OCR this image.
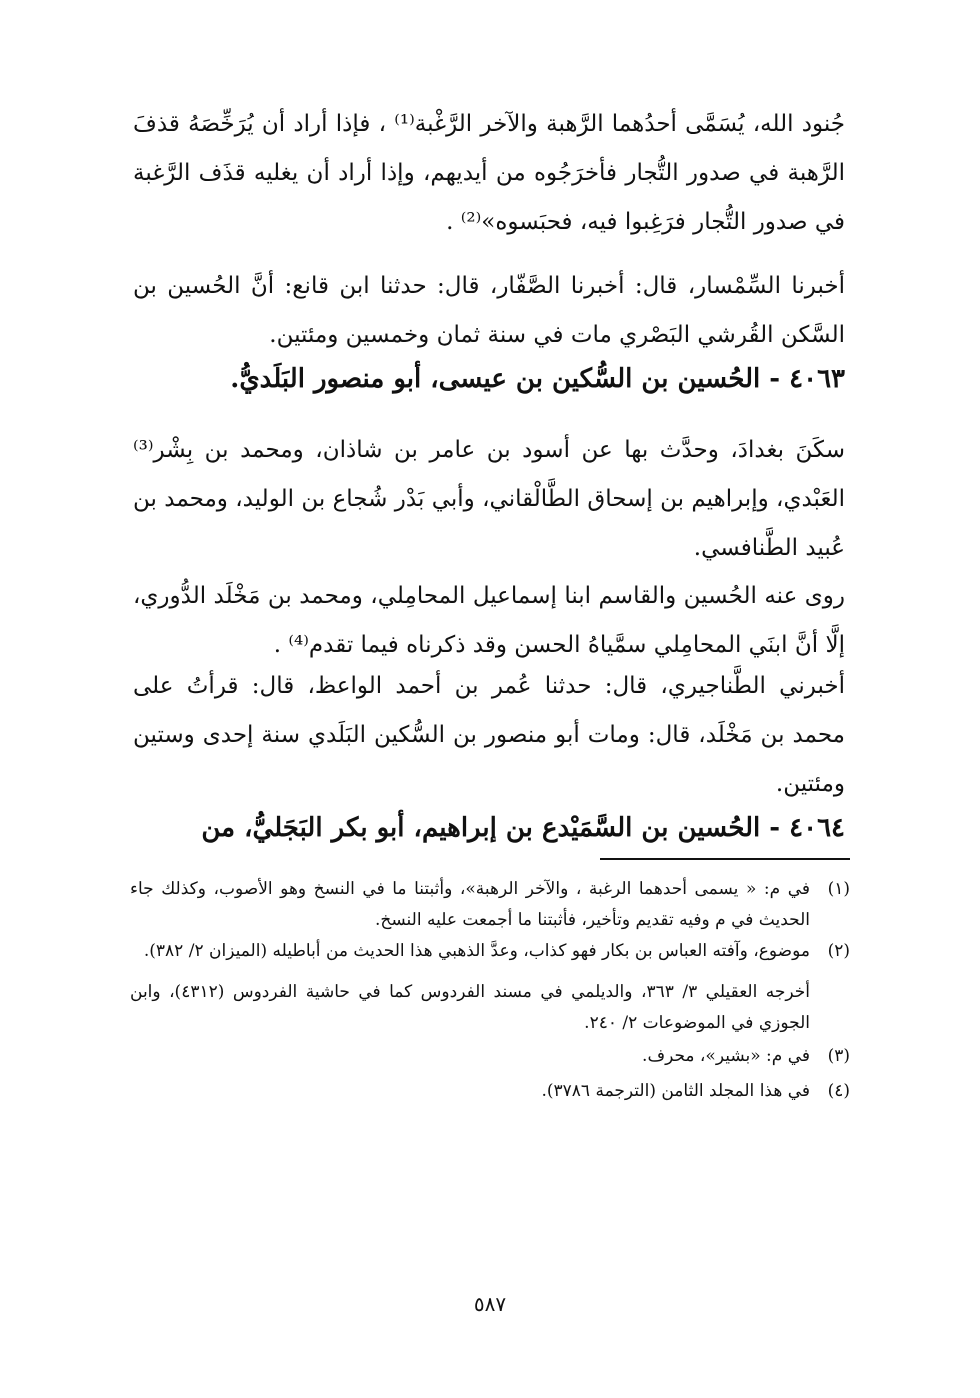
جُنود الله، يُسَمَّى أحدُهما الرَّهبة والآخر الرَّغْبة⁽¹⁾ ، فإذا أراد أن يُرَخِّصَهُ قذفَ الرَّهبة في صدور التُّجار فأخرَجُوه من أيديهم، وإذا أراد أن يغليه قذَف الرَّغبة في صدور التُّجار فرَغِبوا فيه، فحبَسوه»⁽²⁾ .

أخبرنا السِّمْسار، قال: أخبرنا الصَّفّار، قال: حدثنا ابن قانع: أنَّ الحُسين بن السَّكن القُرشي البَصْري مات في سنة ثمان وخمسين ومئتين.

٤٠٦٣ - الحُسين بن السُّكين بن عيسى، أبو منصور البَلَديُّ.

سكَنَ بغدادَ، وحدَّث بها عن أسود بن عامر بن شاذان، ومحمد بن بِشْر⁽³⁾ العَبْدي، وإبراهيم بن إسحاق الطَّالْقاني، وأبي بَدْر شُجاع بن الوليد، ومحمد بن عُبيد الطَّنافسي.

روى عنه الحُسين والقاسم ابنا إسماعيل المحامِلي، ومحمد بن مَخْلَد الدُّوري، إلَّا أنَّ ابنَي المحامِلي سمَّياهُ الحسن وقد ذكرناه فيما تقدم⁽⁴⁾ .

أخبرني الطَّناجيري، قال: حدثنا عُمر بن أحمد الواعظ، قال: قرأتُ على محمد بن مَخْلَد، قال: ومات أبو منصور بن السُّكين البَلَدي سنة إحدى وستين ومئتين.

٤٠٦٤ - الحُسين بن السَّمَيْدع بن إبراهيم، أبو بكر البَجَليُّ، من
(١)
في م: « يسمى أحدهما الرغبة ، والآخر الرهبة»، وأثبتنا ما في النسخ وهو الأصوب، وكذلك جاء الحديث في م وفيه تقديم وتأخير، فأثبتنا ما أجمعت عليه النسخ.
(٢)
موضوع، وآفته العباس بن بكار فهو كذاب، وعدَّ الذهبي هذا الحديث من أباطيله (الميزان ٢/ ٣٨٢).
أخرجه العقيلي ٣/ ٣٦٣، والديلمي في مسند الفردوس كما في حاشية الفردوس (٤٣١٢)، وابن الجوزي في الموضوعات ٢/ ٢٤٠.
(٣)
في م: «بشير»، محرف.
(٤)
في هذا المجلد الثامن (الترجمة ٣٧٨٦).
٥٨٧
